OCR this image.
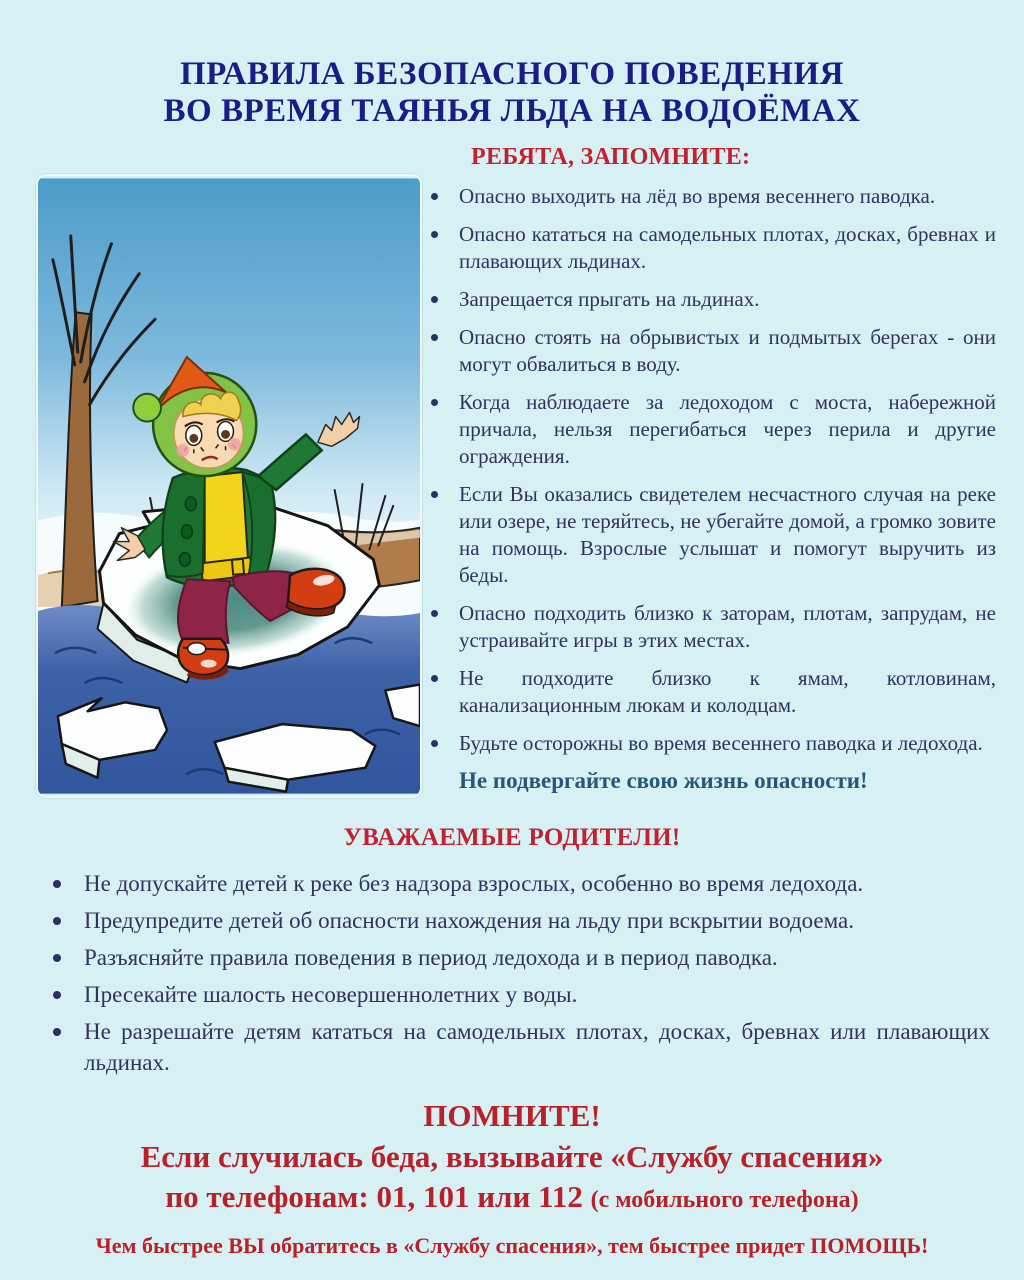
ПРАВИЛА БЕЗОПАСНОГО ПОВЕДЕНИЯ
ВО ВРЕМЯ ТАЯНЬЯ ЛЬДА НА ВОДОЁМАХ
РЕБЯТА, ЗАПОМНИТЕ:
Опасно выходить на лёд во время весеннего паводка.
Опасно кататься на самодельных плотах, досках, бревнах и плавающих льдинах.
Запрещается прыгать на льдинах.
Опасно стоять на обрывистых и подмытых берегах - они могут обвалиться в воду.
Когда наблюдаете за ледоходом с моста, набережной причала, нельзя перегибаться через перила и другие ограждения.
Если Вы оказались свидетелем несчастного случая на реке или озере, не теряйтесь, не убегайте домой, а громко зовите на помощь. Взрослые услышат и помогут выручить из беды.
Опасно подходить близко к заторам, плотам, запрудам, не устраивайте игры в этих местах.
Не подходите близко к ямам, котловинам, канализационным люкам и колодцам.
Будьте осторожны во время весеннего паводка и ледохода.
Не подвергайте свою жизнь опасности!
УВАЖАЕМЫЕ РОДИТЕЛИ!
Не допускайте детей к реке без надзора взрослых, особенно во время ледохода.
Предупредите детей об опасности нахождения на льду при вскрытии водоема.
Разъясняйте правила поведения в период ледохода и в период паводка.
Пресекайте шалость несовершеннолетних у воды.
Не разрешайте детям кататься на самодельных плотах, досках, бревнах или плавающих льдинах.
ПОМНИТЕ!
Если случилась беда, вызывайте «Службу спасения»
по телефонам: 01, 101 или 112 (с мобильного телефона)
Чем быстрее ВЫ обратитесь в «Службу спасения», тем быстрее придет ПОМОЩЬ!
